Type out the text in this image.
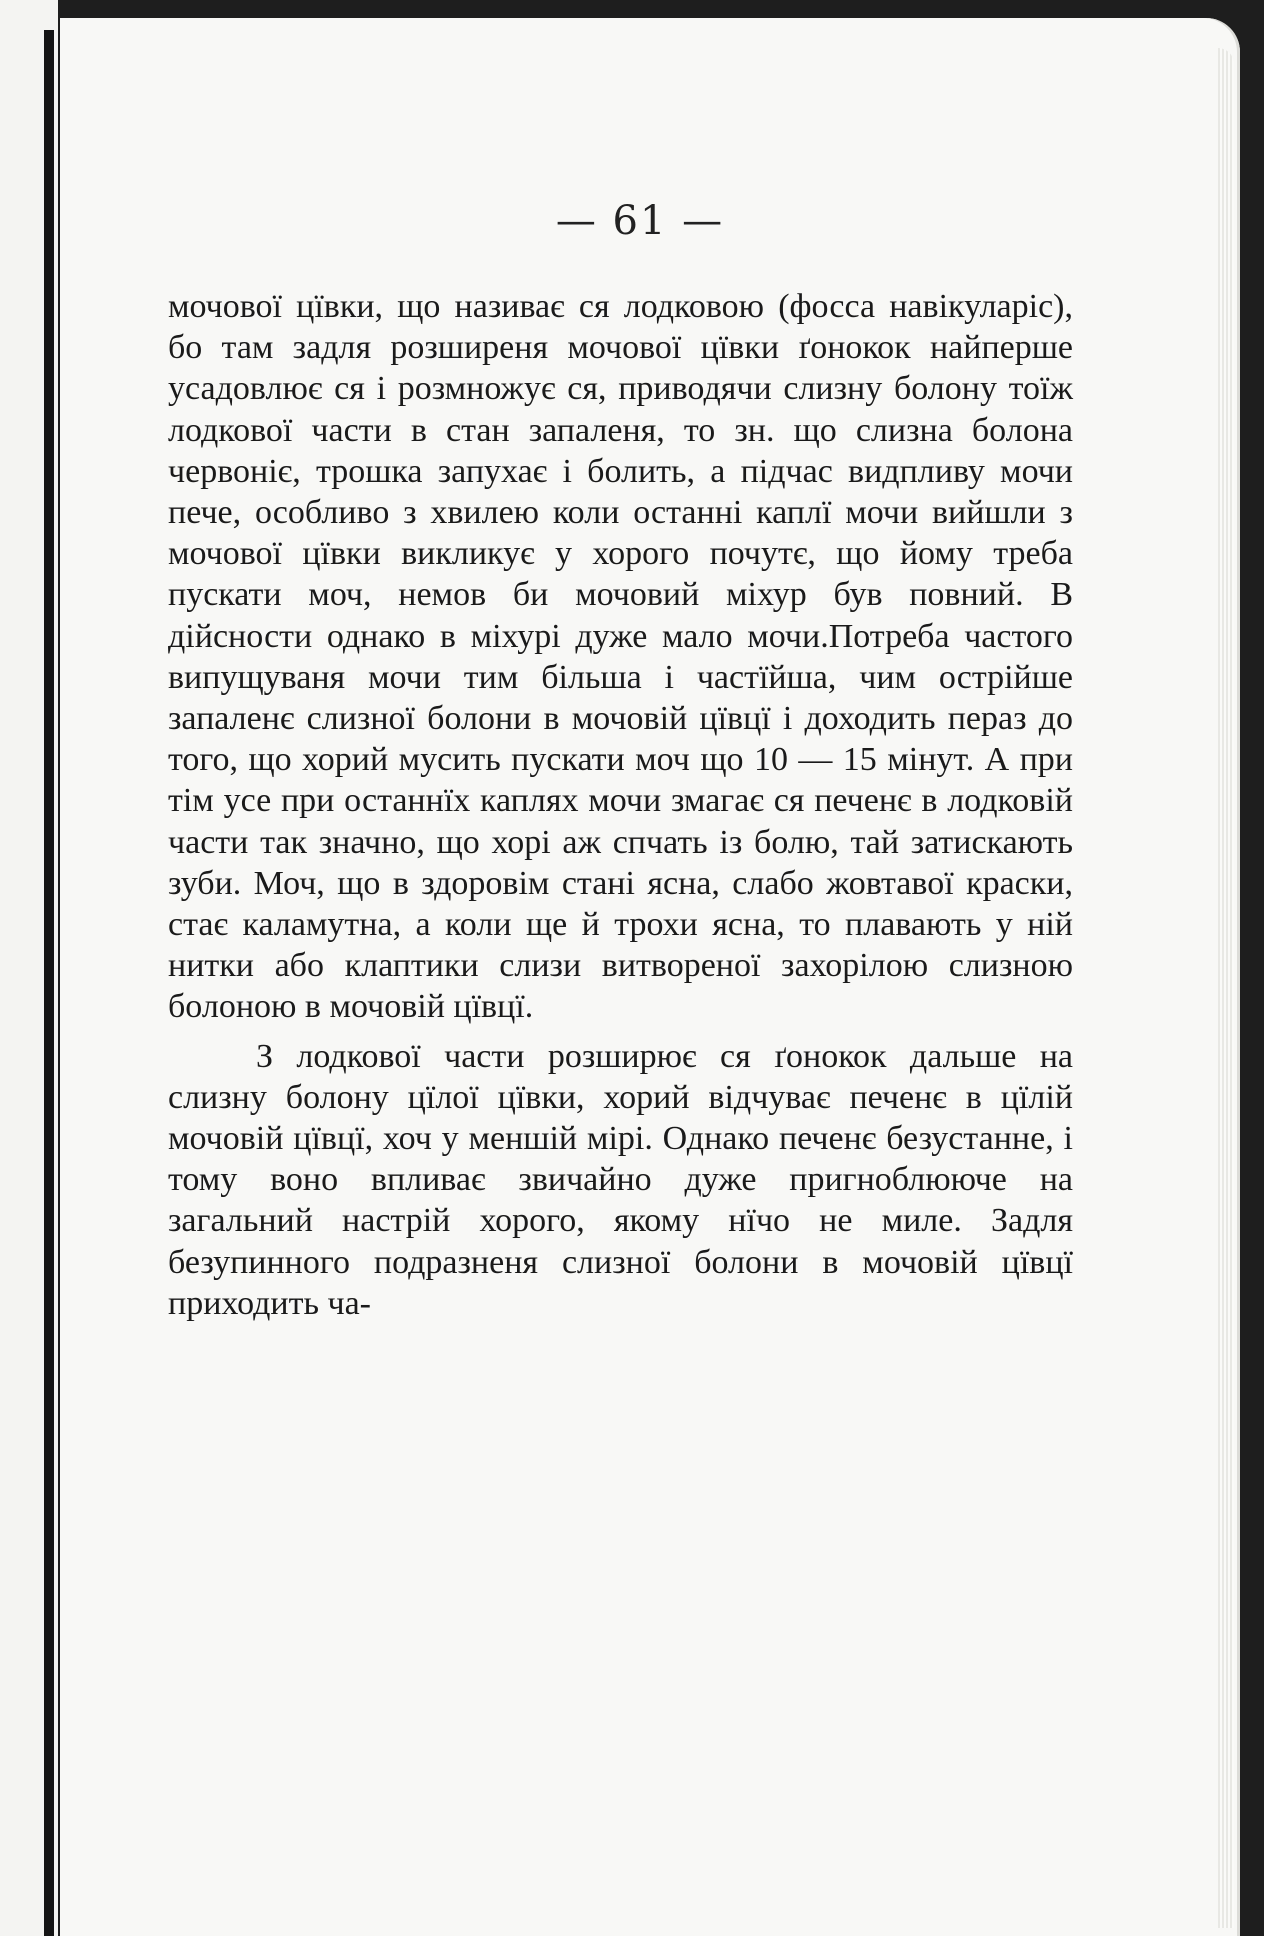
— 61 —

мочової цївки, що називає ся лодковою (фосса навікуларіс), бо там задля розширеня мочової цївки ґонокок найперше усадовлює ся і розмножує ся, приводячи слизну болону тоїж лодкової части в стан запаленя, то зн. що слизна болона червоніє, трошка запухає і болить, а підчас видпливу мочи пече, особливо з хвилею коли останні каплї мочи вийшли з мочової цївки викликує у хорого почутє, що йому треба пускати моч, немов би мочовий міхур був повний. В дійсности однако в міхурі дуже мало мочи.Потреба частого випущуваня мочи тим більша і частїйша, чим острійше запаленє слизної болони в мочовій цївцї і доходить пераз до того, що хорий мусить пускати моч що 10 — 15 мінут. А при тім усе при останнїх каплях мочи змагає ся печенє в лодковій части так значно, що хорі аж спчать із болю, тай затискають зуби. Моч, що в здоровім стані ясна, слабо жовтавої краски, стає каламутна, а коли ще й трохи ясна, то плавають у ній нитки або клаптики слизи витвореної захорілою слизною болоною в мочовій цївцї.

З лодкової части розширює ся ґонокок дальше на слизну болону цїлої цївки, хорий відчуває печенє в цїлій мочовій цївцї, хоч у меншій мірі. Однако печенє безустанне, і тому воно впливає звичайно дуже пригноблююче на загальний настрій хорого, якому нїчо не миле. Задля безупинного подразненя слизної болони в мочовій цївцї приходить ча-
